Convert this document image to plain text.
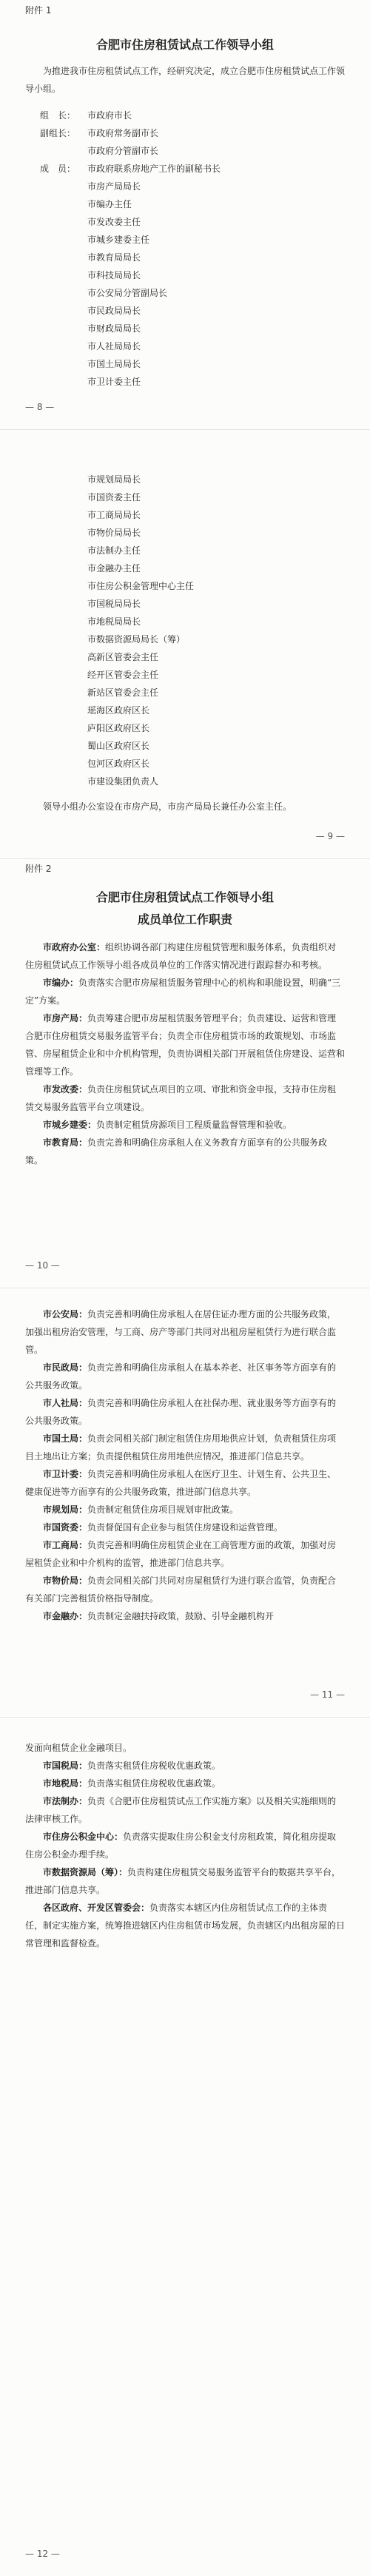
附件 1
合肥市住房租赁试点工作领导小组

为推进我市住房租赁试点工作，经研究决定，成立合肥市住房租赁试点工作领导小组。

组　长：	市政府市长
副组长：	市政府常务副市长
市政府分管副市长
成　员：	市政府联系房地产工作的副秘书长
市房产局局长
市编办主任
市发改委主任
市城乡建委主任
市教育局局长
市科技局局长
市公安局分管副局长
市民政局局长
市财政局局长
市人社局局长
市国土局局长
市卫计委主任
— 8 —
市规划局局长
市国资委主任
市工商局局长
市物价局局长
市法制办主任
市金融办主任
市住房公积金管理中心主任
市国税局局长
市地税局局长
市数据资源局局长（筹）
高新区管委会主任
经开区管委会主任
新站区管委会主任
瑶海区政府区长
庐阳区政府区长
蜀山区政府区长
包河区政府区长
市建设集团负责人

领导小组办公室设在市房产局，市房产局局长兼任办公室主任。

— 9 —
附件 2
合肥市住房租赁试点工作领导小组
成员单位工作职责

市政府办公室：组织协调各部门构建住房租赁管理和服务体系，负责组织对住房租赁试点工作领导小组各成员单位的工作落实情况进行跟踪督办和考核。

市编办：负责落实合肥市房屋租赁服务管理中心的机构和职能设置，明确“三定”方案。

市房产局：负责筹建合肥市房屋租赁服务管理平台；负责建设、运营和管理合肥市住房租赁交易服务监管平台；负责全市住房租赁市场的政策规划、市场监管、房屋租赁企业和中介机构管理，负责协调相关部门开展租赁住房建设、运营和管理等工作。

市发改委：负责住房租赁试点项目的立项、审批和资金申报，支持市住房租赁交易服务监管平台立项建设。

市城乡建委：负责制定租赁房源项目工程质量监督管理和验收。

市教育局：负责完善和明确住房承租人在义务教育方面享有的公共服务政策。

— 10 —

市公安局：负责完善和明确住房承租人在居住证办理方面的公共服务政策，加强出租房治安管理，与工商、房产等部门共同对出租房屋租赁行为进行联合监管。

市民政局：负责完善和明确住房承租人在基本养老、社区事务等方面享有的公共服务政策。

市人社局：负责完善和明确住房承租人在社保办理、就业服务等方面享有的公共服务政策。

市国土局：负责会同相关部门制定租赁住房用地供应计划，负责租赁住房项目土地出让方案；负责提供租赁住房用地供应情况，推进部门信息共享。

市卫计委：负责完善和明确住房承租人在医疗卫生、计划生育、公共卫生、健康促进等方面享有的公共服务政策，推进部门信息共享。

市规划局：负责制定租赁住房项目规划审批政策。

市国资委：负责督促国有企业参与租赁住房建设和运营管理。

市工商局：负责完善和明确住房租赁企业在工商管理方面的政策，加强对房屋租赁企业和中介机构的监管，推进部门信息共享。

市物价局：负责会同相关部门共同对房屋租赁行为进行联合监管，负责配合有关部门完善租赁价格指导制度。

市金融办：负责制定金融扶持政策，鼓励、引导金融机构开

— 11 —

发面向租赁企业金融项目。

市国税局：负责落实租赁住房税收优惠政策。

市地税局：负责落实租赁住房税收优惠政策。

市法制办：负责《合肥市住房租赁试点工作实施方案》以及相关实施细则的法律审核工作。

市住房公积金中心：负责落实提取住房公积金支付房租政策，简化租房提取住房公积金办理手续。

市数据资源局（筹）：负责构建住房租赁交易服务监管平台的数据共享平台，推进部门信息共享。

各区政府、开发区管委会：负责落实本辖区内住房租赁试点工作的主体责任，制定实施方案，统筹推进辖区内住房租赁市场发展，负责辖区内出租房屋的日常管理和监督检查。

— 12 —
